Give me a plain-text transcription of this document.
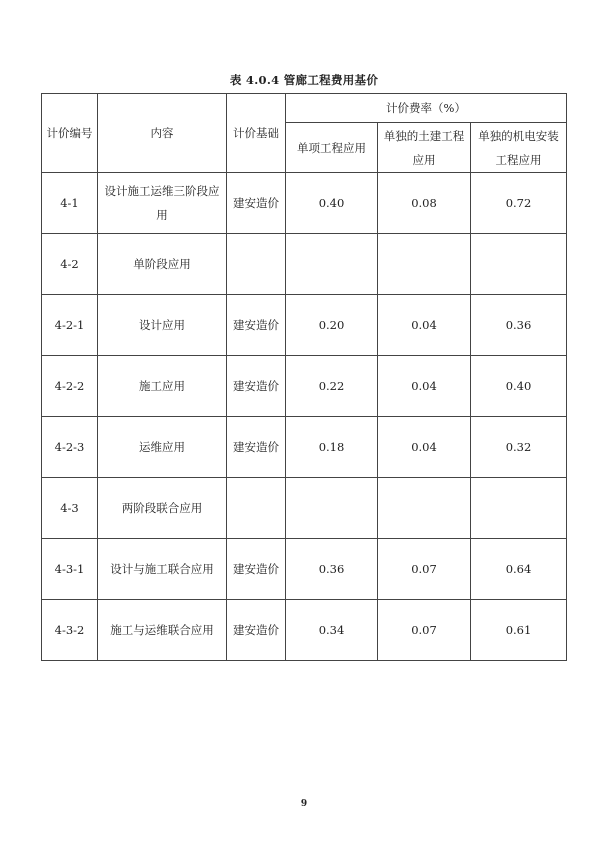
表 4.0.4 管廊工程费用基价
计价编号	内容	计价基础	计价费率（%）		
			单项工程应用	单独的土建工程应用	单独的机电安装工程应用
4-1	设计施工运维三阶段应用	建安造价	0.40	0.08	0.72
4-2	单阶段应用				
4-2-1	设计应用	建安造价	0.20	0.04	0.36
4-2-2	施工应用	建安造价	0.22	0.04	0.40
4-2-3	运维应用	建安造价	0.18	0.04	0.32
4-3	两阶段联合应用				
4-3-1	设计与施工联合应用	建安造价	0.36	0.07	0.64
4-3-2	施工与运维联合应用	建安造价	0.34	0.07	0.61
9
